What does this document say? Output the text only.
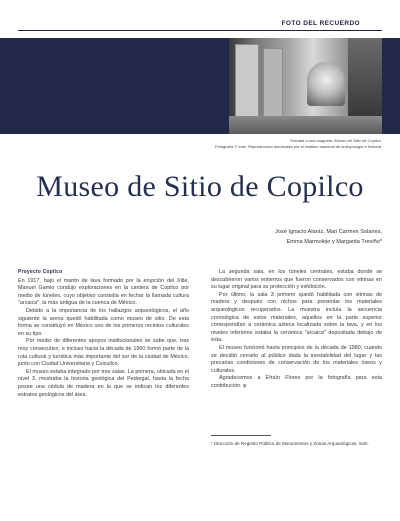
FOTO DEL RECUERDO
Entrada a una maqueta. Museo de Sitio de Copilco.
Fotografía © inah. Reproducción autorizada por el instituto nacional de antropología e historia.
Museo de Sitio de Copilco
José Ignacio Alaníz, Mari Carmen Solanes,
Emma Marmolejo y Margarita Treviño*
Proyecto Copilco

En 1917, bajo el manto de lava formado por la erupción del Xitle, Manuel Gamio condujo exploraciones en la cantera de Copilco por medio de túneles, cuyo objetivo consistía en fechar la llamada cultura "arcaica", la más antigua de la cuenca de México.

Debido a la importancia de los hallazgos arqueológicos, el año siguiente la arena quedó habilitada como museo de sitio. De esta forma se constituyó en México uno de los primeros recintos culturales en su tipo.

Por medio de diferentes apoyos institucionales se sabe que, tras muy consecutivo, e incluso hacia la década de 1960 formó parte de la ruta cultural y turística más importante del sur de la ciudad de México, junto con Ciudad Universitaria y Cuicuilco.

El museo estaba integrado por tres salas. La primera, ubicada en el nivel 3, mostraba la historia geológica del Pedregal, hasta la fecha posee una cédula de madera en la que se indican los diferentes estratos geológicos del área.

La segunda sala, en los túneles centrales, estaba donde se descubrieron varios entierros que fueron conservados con vitrinas en su lugar original para su protección y exhibición.

Por último, la sala 3 primero quedó habilitada con vitrinas de madera y después con nichos para presentar los materiales arqueológicos recuperados. La muestra incluía la secuencia cronológica de estos materiales, aquellos en la parte superior correspondían a cerámica azteca localizada sobre la lava, y en los niveles inferiores estaba la cerámica "arcaica" depositada debajo de ésta.

El museo funcionó hasta principios de la década de 1980, cuando se decidió cerrarlo al público dada la inestabilidad del lugar y las precarias condiciones de conservación de los materiales óseos y culturales.

Agradecemos a Efraín Flores por la fotografía para esta contribución. φ

* Dirección de Registro Público de Monumentos y Zonas Arqueológicas, inah.
